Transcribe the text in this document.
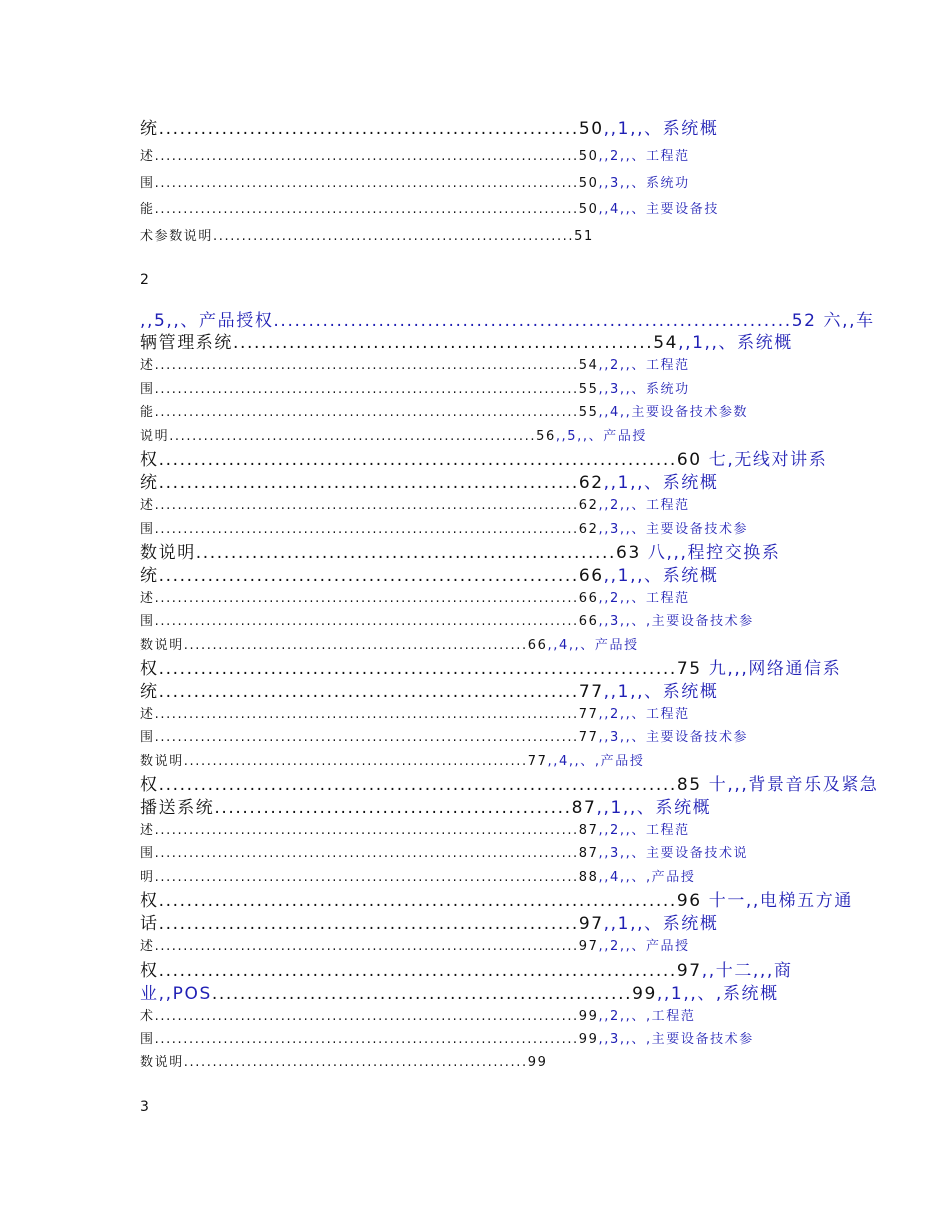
统............................................................50,,1,,、系统概
述..........................................................................50,,2,,、工程范
围..........................................................................50,,3,,、系统功
能..........................................................................50,,4,,、主要设备技
术参数说明...............................................................51
,,5,,、产品授权..........................................................................52 六,,车
辆管理系统............................................................54,,1,,、系统概
述..........................................................................54,,2,,、工程范
围..........................................................................55,,3,,、系统功
能..........................................................................55,,4,,主要设备技术参数
说明................................................................56,,5,,、产品授
权..........................................................................60 七,无线对讲系
统............................................................62,,1,,、系统概
述..........................................................................62,,2,,、工程范
围..........................................................................62,,3,,、主要设备技术参
数说明............................................................63 八,,,程控交换系
统............................................................66,,1,,、系统概
述..........................................................................66,,2,,、工程范
围..........................................................................66,,3,,、,主要设备技术参
数说明............................................................66,,4,,、产品授
权..........................................................................75 九,,,网络通信系
统............................................................77,,1,,、系统概
述..........................................................................77,,2,,、工程范
围..........................................................................77,,3,,、主要设备技术参
数说明............................................................77,,4,,、,产品授
权..........................................................................85 十,,,背景音乐及紧急
播送系统...................................................87,,1,,、系统概
述..........................................................................87,,2,,、工程范
围..........................................................................87,,3,,、主要设备技术说
明..........................................................................88,,4,,、,产品授
权..........................................................................96 十一,,电梯五方通
话............................................................97,,1,,、系统概
述..........................................................................97,,2,,、产品授
权..........................................................................97,,十二,,,商
业,,POS............................................................99,,1,,、,系统概
术..........................................................................99,,2,,、,工程范
围..........................................................................99,,3,,、,主要设备技术参
数说明............................................................99
2
3
